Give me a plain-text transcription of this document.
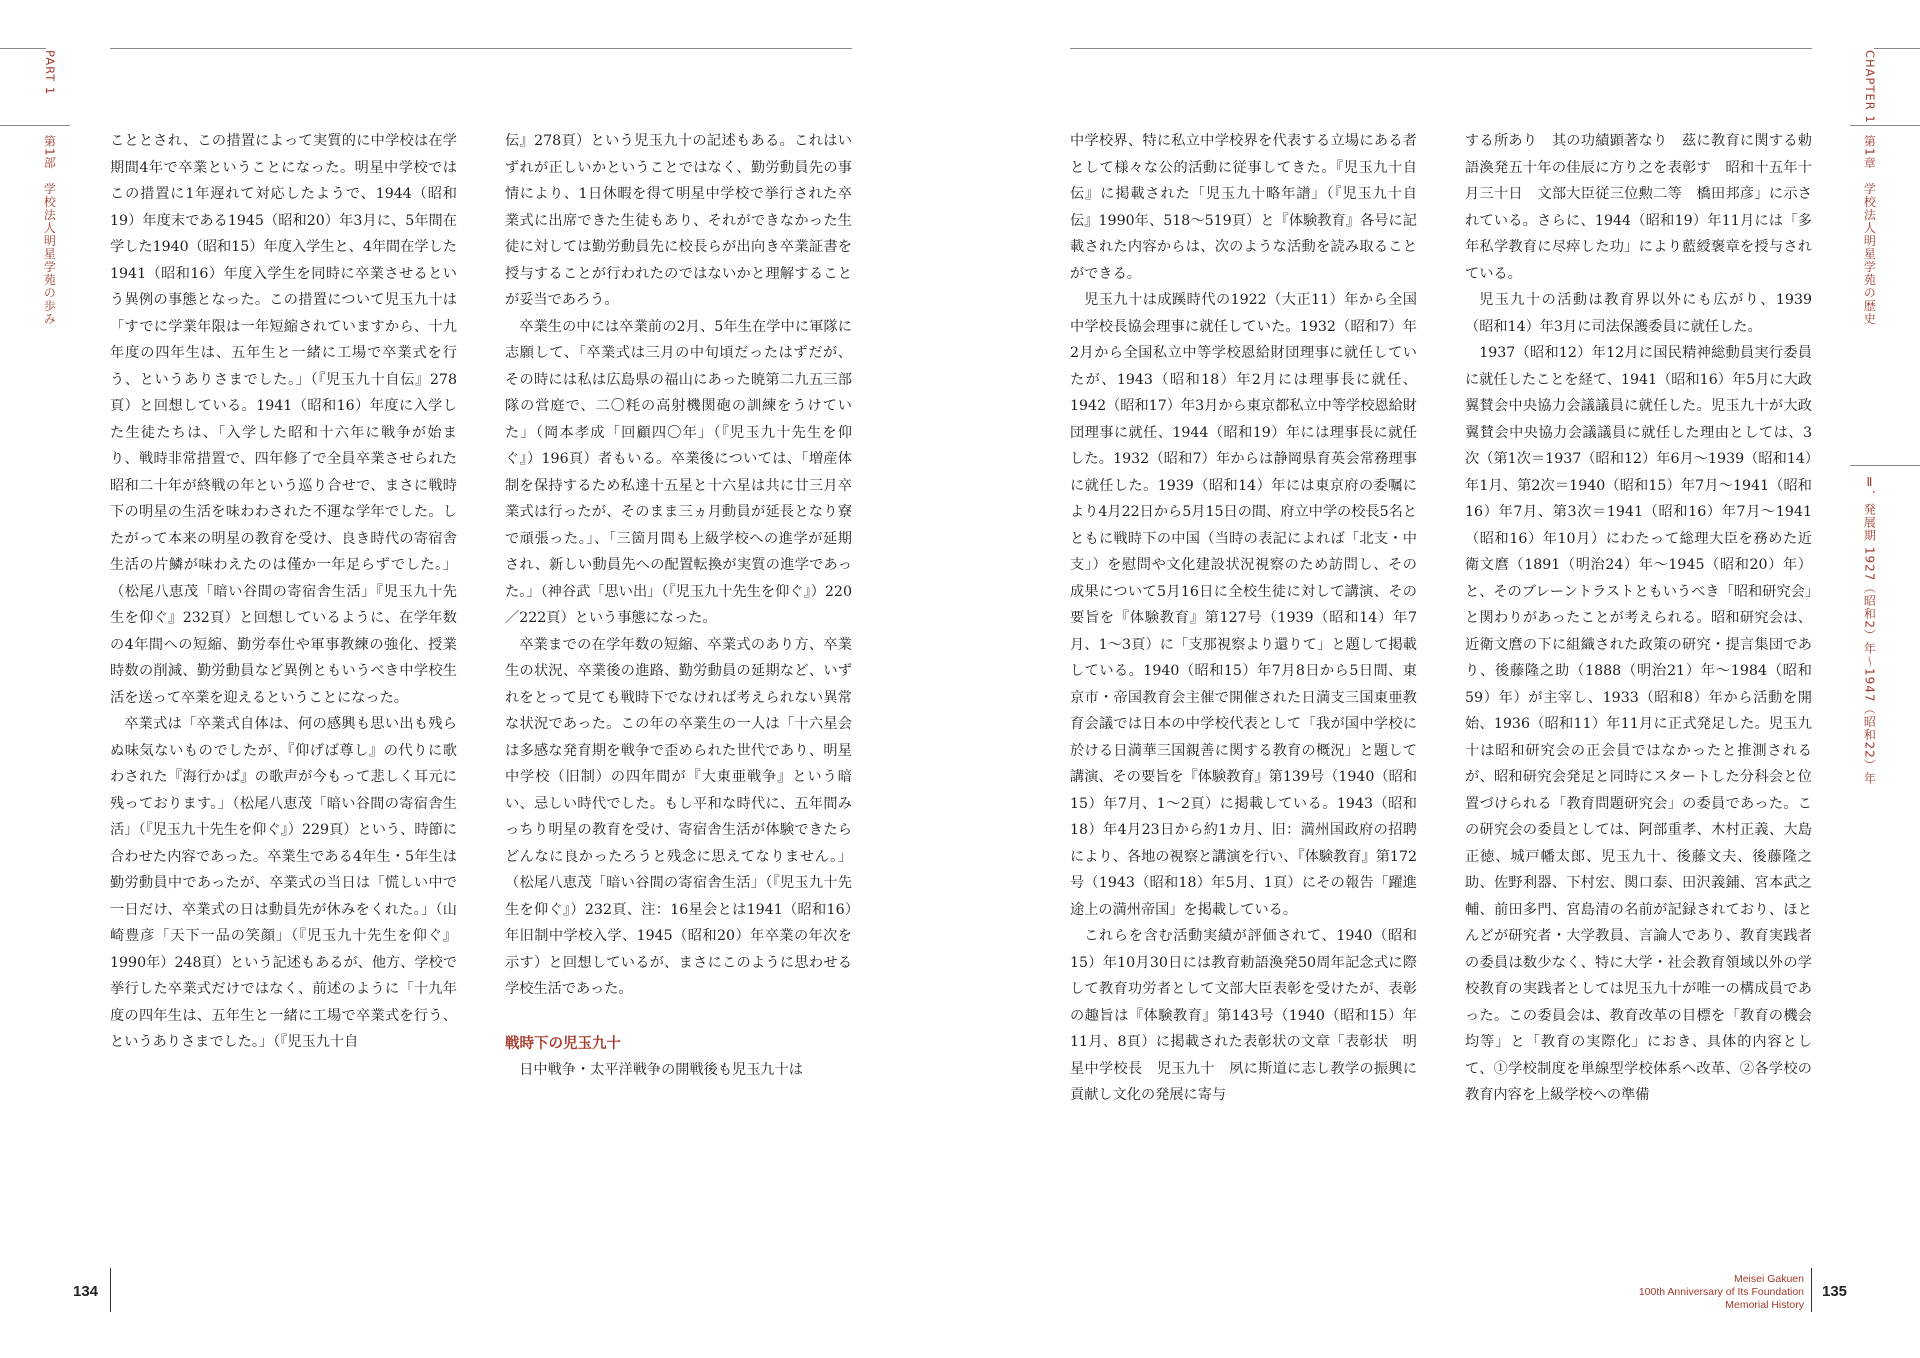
PART 1
第1部　学校法人明星学苑の歩み
CHAPTER 1
第1章　学校法人明星学苑の歴史
Ⅱ．発展期 1927（昭和2）年〜1947（昭和22）年

こととされ、この措置によって実質的に中学校は在学期間4年で卒業ということになった。明星中学校ではこの措置に1年遅れて対応したようで、1944（昭和19）年度末である1945（昭和20）年3月に、5年間在学した1940（昭和15）年度入学生と、4年間在学した1941（昭和16）年度入学生を同時に卒業させるという異例の事態となった。この措置について児玉九十は「すでに学業年限は一年短縮されていますから、十九年度の四年生は、五年生と一緒に工場で卒業式を行う、というありさまでした。」（『児玉九十自伝』278頁）と回想している。1941（昭和16）年度に入学した生徒たちは、「入学した昭和十六年に戦争が始まり、戦時非常措置で、四年修了で全員卒業させられた昭和二十年が終戦の年という巡り合せで、まさに戦時下の明星の生活を味わわされた不運な学年でした。したがって本来の明星の教育を受け、良き時代の寄宿舎生活の片鱗が味わえたのは僅か一年足らずでした。」（松尾八恵茂「暗い谷間の寄宿舎生活」『児玉九十先生を仰ぐ』232頁）と回想しているように、在学年数の4年間への短縮、勤労奉仕や軍事教練の強化、授業時数の削減、勤労動員など異例ともいうべき中学校生活を送って卒業を迎えるということになった。

卒業式は「卒業式自体は、何の感興も思い出も残らぬ味気ないものでしたが、『仰げば尊し』の代りに歌わされた『海行かば』の歌声が今もって悲しく耳元に残っております。」（松尾八恵茂「暗い谷間の寄宿舎生活」（『児玉九十先生を仰ぐ』）229頁）という、時節に合わせた内容であった。卒業生である4年生・5年生は勤労動員中であったが、卒業式の当日は「慌しい中で一日だけ、卒業式の日は動員先が休みをくれた。」（山崎豊彦「天下一品の笑顔」（『児玉九十先生を仰ぐ』1990年）248頁）という記述もあるが、他方、学校で挙行した卒業式だけではなく、前述のように「十九年度の四年生は、五年生と一緒に工場で卒業式を行う、というありさまでした。」（『児玉九十自

伝』278頁）という児玉九十の記述もある。これはいずれが正しいかということではなく、勤労動員先の事情により、1日休暇を得て明星中学校で挙行された卒業式に出席できた生徒もあり、それができなかった生徒に対しては勤労動員先に校長らが出向き卒業証書を授与することが行われたのではないかと理解することが妥当であろう。

卒業生の中には卒業前の2月、5年生在学中に軍隊に志願して、「卒業式は三月の中旬頃だったはずだが、その時には私は広島県の福山にあった暁第二九五三部隊の営庭で、二〇粍の高射機関砲の訓練をうけていた」（岡本孝成「回顧四〇年」（『児玉九十先生を仰ぐ』）196頁）者もいる。卒業後については、「増産体制を保持するため私達十五星と十六星は共に廿三月卒業式は行ったが、そのまま三ヵ月動員が延長となり寮で頑張った。」、「三箇月間も上級学校への進学が延期され、新しい動員先への配置転換が実質の進学であった。」（神谷武「思い出」（『児玉九十先生を仰ぐ』）220／222頁）という事態になった。

卒業までの在学年数の短縮、卒業式のあり方、卒業生の状況、卒業後の進路、勤労動員の延期など、いずれをとって見ても戦時下でなければ考えられない異常な状況であった。この年の卒業生の一人は「十六星会は多感な発育期を戦争で歪められた世代であり、明星中学校（旧制）の四年間が『大東亜戦争』という暗い、忌しい時代でした。もし平和な時代に、五年間みっちり明星の教育を受け、寄宿舎生活が体験できたらどんなに良かったろうと残念に思えてなりません。」（松尾八恵茂「暗い谷間の寄宿舎生活」（『児玉九十先生を仰ぐ』）232頁、注：16星会とは1941（昭和16）年旧制中学校入学、1945（昭和20）年卒業の年次を示す）と回想しているが、まさにこのように思わせる学校生活であった。

戦時下の児玉九十

日中戦争・太平洋戦争の開戦後も児玉九十は

中学校界、特に私立中学校界を代表する立場にある者として様々な公的活動に従事してきた。『児玉九十自伝』に掲載された「児玉九十略年譜」（『児玉九十自伝』1990年、518〜519頁）と『体験教育』各号に記載された内容からは、次のような活動を読み取ることができる。

児玉九十は成蹊時代の1922（大正11）年から全国中学校長協会理事に就任していた。1932（昭和7）年2月から全国私立中等学校恩給財団理事に就任していたが、1943（昭和18）年2月には理事長に就任、1942（昭和17）年3月から東京都私立中等学校恩給財団理事に就任、1944（昭和19）年には理事長に就任した。1932（昭和7）年からは静岡県育英会常務理事に就任した。1939（昭和14）年には東京府の委嘱により4月22日から5月15日の間、府立中学の校長5名とともに戦時下の中国（当時の表記によれば「北支・中支」）を慰問や文化建設状況視察のため訪問し、その成果について5月16日に全校生徒に対して講演、その要旨を『体験教育』第127号（1939（昭和14）年7月、1〜3頁）に「支那視察より還りて」と題して掲載している。1940（昭和15）年7月8日から5日間、東京市・帝国教育会主催で開催された日満支三国東亜教育会議では日本の中学校代表として「我が国中学校に於ける日満華三国親善に関する教育の概況」と題して講演、その要旨を『体験教育』第139号（1940（昭和15）年7月、1〜2頁）に掲載している。1943（昭和18）年4月23日から約1カ月、旧：満州国政府の招聘により、各地の視察と講演を行い、『体験教育』第172号（1943（昭和18）年5月、1頁）にその報告「躍進途上の満州帝国」を掲載している。

これらを含む活動実績が評価されて、1940（昭和15）年10月30日には教育勅語渙発50周年記念式に際して教育功労者として文部大臣表彰を受けたが、表彰の趣旨は『体験教育』第143号（1940（昭和15）年11月、8頁）に掲載された表彰状の文章「表彰状　明星中学校長　児玉九十　夙に斯道に志し教学の振興に貢献し文化の発展に寄与

する所あり　其の功績顕著なり　茲に教育に関する勅語渙発五十年の佳辰に方り之を表彰す　昭和十五年十月三十日　文部大臣従三位勲二等　橋田邦彦」に示されている。さらに、1944（昭和19）年11月には「多年私学教育に尽瘁した功」により藍綬褒章を授与されている。

児玉九十の活動は教育界以外にも広がり、1939（昭和14）年3月に司法保護委員に就任した。

1937（昭和12）年12月に国民精神総動員実行委員に就任したことを経て、1941（昭和16）年5月に大政翼賛会中央協力会議議員に就任した。児玉九十が大政翼賛会中央協力会議議員に就任した理由としては、3次（第1次＝1937（昭和12）年6月〜1939（昭和14）年1月、第2次＝1940（昭和15）年7月〜1941（昭和16）年7月、第3次＝1941（昭和16）年7月〜1941（昭和16）年10月）にわたって総理大臣を務めた近衛文麿（1891（明治24）年〜1945（昭和20）年）と、そのブレーントラストともいうべき「昭和研究会」と関わりがあったことが考えられる。昭和研究会は、近衛文麿の下に組織された政策の研究・提言集団であり、後藤隆之助（1888（明治21）年〜1984（昭和59）年）が主宰し、1933（昭和8）年から活動を開始、1936（昭和11）年11月に正式発足した。児玉九十は昭和研究会の正会員ではなかったと推測されるが、昭和研究会発足と同時にスタートした分科会と位置づけられる「教育問題研究会」の委員であった。この研究会の委員としては、阿部重孝、木村正義、大島正徳、城戸幡太郎、児玉九十、後藤文夫、後藤隆之助、佐野利器、下村宏、関口泰、田沢義鋪、宮本武之輔、前田多門、宮島清の名前が記録されており、ほとんどが研究者・大学教員、言論人であり、教育実践者の委員は数少なく、特に大学・社会教育領域以外の学校教育の実践者としては児玉九十が唯一の構成員であった。この委員会は、教育改革の目標を「教育の機会均等」と「教育の実際化」におき、具体的内容として、①学校制度を単線型学校体系へ改革、②各学校の教育内容を上級学校への準備

134
Meisei Gakuen
100th Anniversary of Its Foundation
Memorial History
135
